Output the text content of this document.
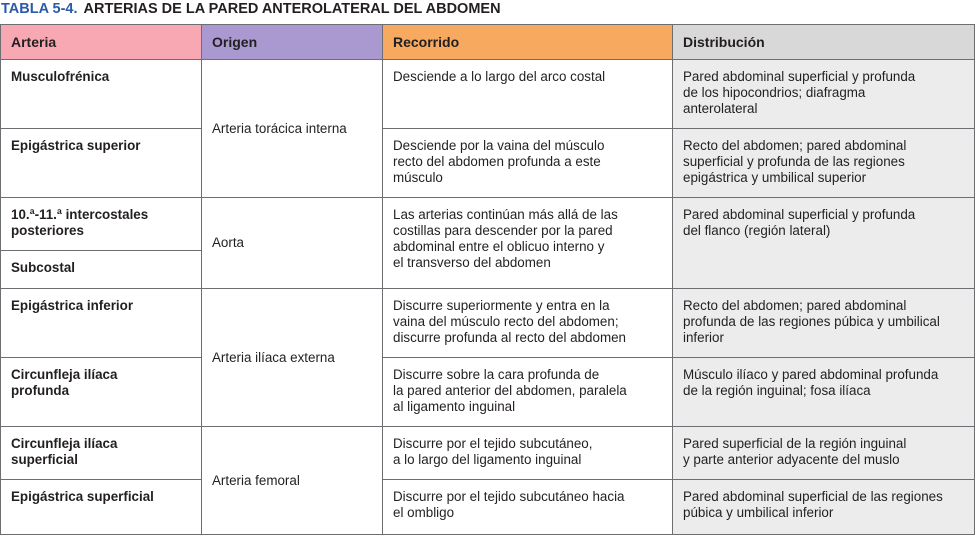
TABLA 5-4. ARTERIAS DE LA PARED ANTEROLATERAL DEL ABDOMEN
Arteria	Origen	Recorrido	Distribución

Musculofrénica	Arteria torácica interna	Desciende a lo largo del arco costal	Pared abdominal superficial y profunda
de los hipocondrios; diafragma
anterolateral

Epigástrica superior		Desciende por la vaina del músculo
recto del abdomen profunda a este
músculo	Recto del abdomen; pared abdominal
superficial y profunda de las regiones
epigástrica y umbilical superior

10.ª-11.ª intercostales
posteriores	Aorta	Las arterias continúan más allá de las
costillas para descender por la pared
abdominal entre el oblicuo interno y
el transverso del abdomen	Pared abdominal superficial y profunda
del flanco (región lateral)

Subcostal			

Epigástrica inferior	Arteria ilíaca externa	Discurre superiormente y entra en la
vaina del músculo recto del abdomen;
discurre profunda al recto del abdomen	Recto del abdomen; pared abdominal
profunda de las regiones púbica y umbilical
inferior

Circunfleja ilíaca
profunda		Discurre sobre la cara profunda de
la pared anterior del abdomen, paralela
al ligamento inguinal	Músculo ilíaco y pared abdominal profunda
de la región inguinal; fosa ilíaca

Circunfleja ilíaca
superficial	Arteria femoral	Discurre por el tejido subcutáneo,
a lo largo del ligamento inguinal	Pared superficial de la región inguinal
y parte anterior adyacente del muslo

Epigástrica superficial		Discurre por el tejido subcutáneo hacia
el ombligo	Pared abdominal superficial de las regiones
púbica y umbilical inferior
